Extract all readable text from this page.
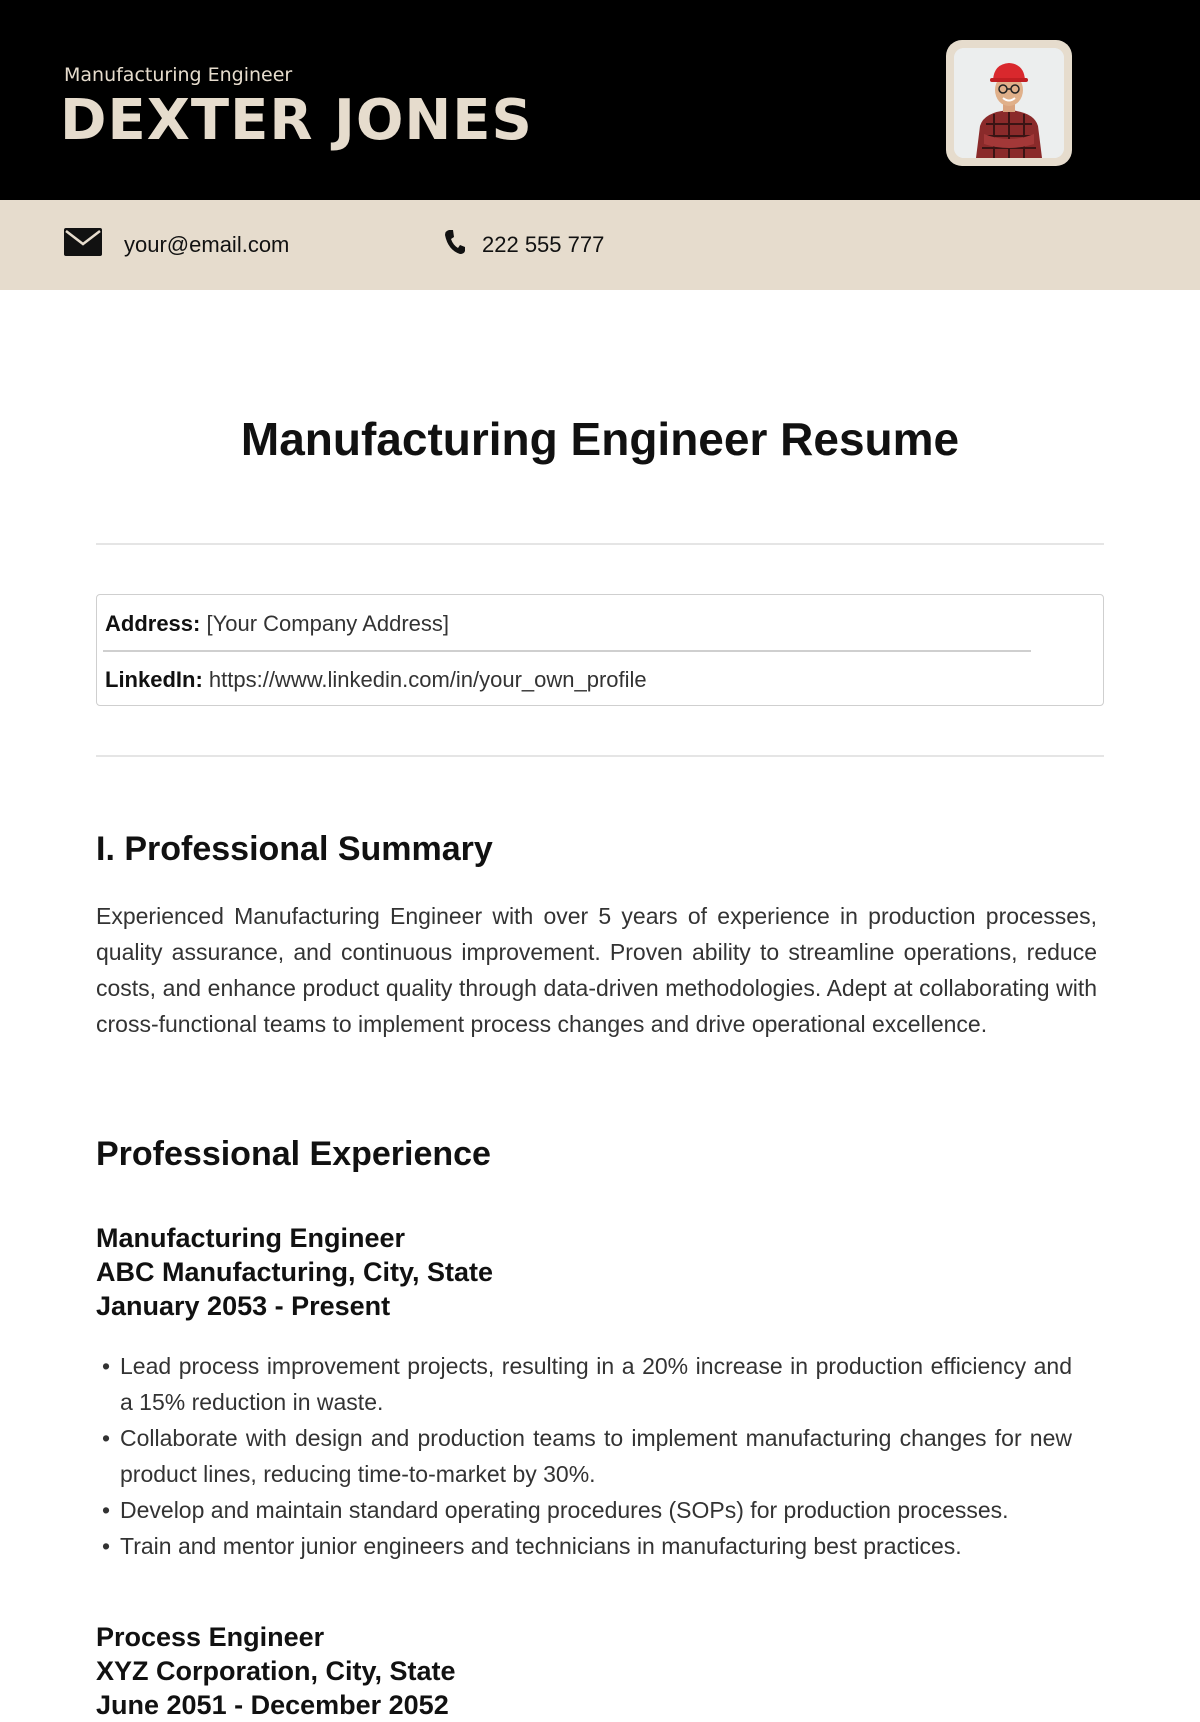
Manufacturing Engineer
DEXTER JONES
your@email.com	222 555 777
Manufacturing Engineer Resume
Address: [Your Company Address]
LinkedIn: https://www.linkedin.com/in/your_own_profile
I. Professional Summary
Experienced Manufacturing Engineer with over 5 years of experience in production processes, quality assurance, and continuous improvement. Proven ability to streamline operations, reduce costs, and enhance product quality through data-driven methodologies. Adept at collaborating with cross-functional teams to implement process changes and drive operational excellence.
Professional Experience
Manufacturing Engineer
ABC Manufacturing, City, State
January 2053 - Present
• Lead process improvement projects, resulting in a 20% increase in production efficiency and a 15% reduction in waste.
• Collaborate with design and production teams to implement manufacturing changes for new product lines, reducing time-to-market by 30%.
• Develop and maintain standard operating procedures (SOPs) for production processes.
• Train and mentor junior engineers and technicians in manufacturing best practices.
Process Engineer
XYZ Corporation, City, State
June 2051 - December 2052
